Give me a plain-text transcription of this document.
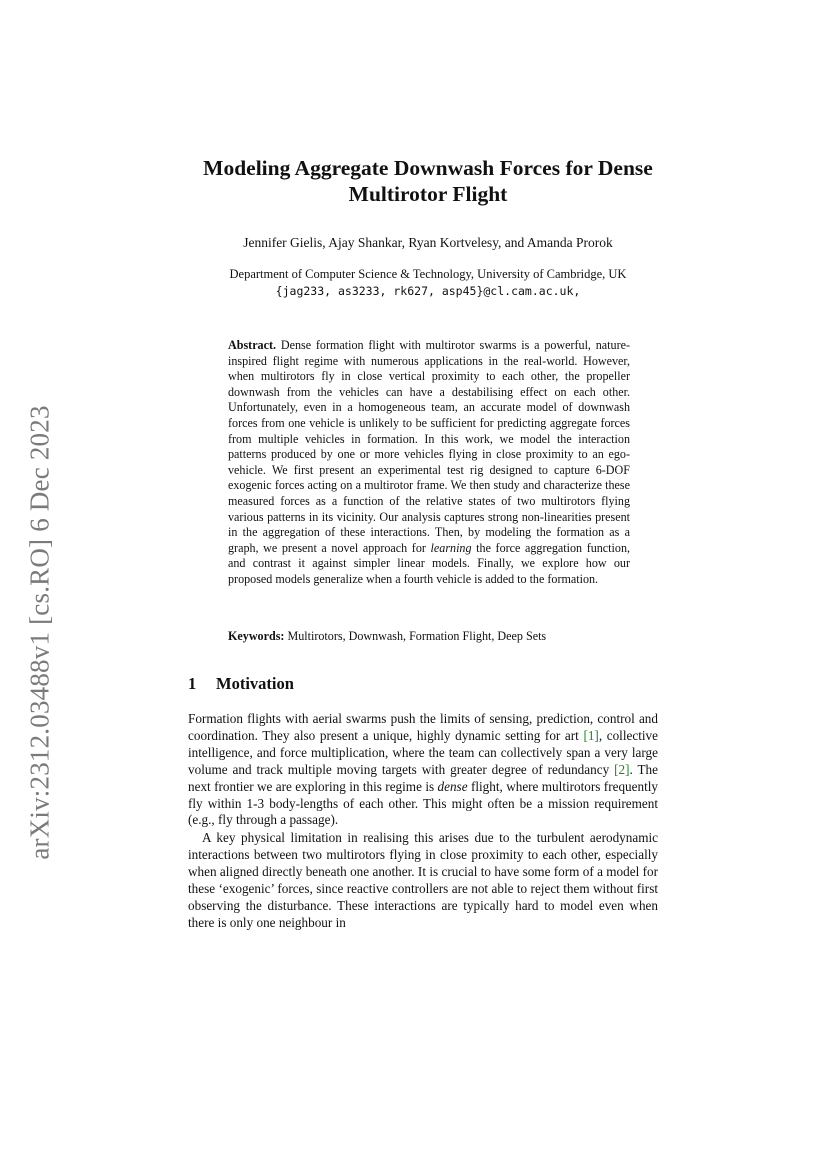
arXiv:2312.03488v1 [cs.RO] 6 Dec 2023
Modeling Aggregate Downwash Forces for Dense Multirotor Flight
Jennifer Gielis, Ajay Shankar, Ryan Kortvelesy, and Amanda Prorok
Department of Computer Science & Technology, University of Cambridge, UK
{jag233, as3233, rk627, asp45}@cl.cam.ac.uk,
Abstract. Dense formation flight with multirotor swarms is a powerful, nature-inspired flight regime with numerous applications in the real-world. However, when multirotors fly in close vertical proximity to each other, the propeller downwash from the vehicles can have a destabilising effect on each other. Unfortunately, even in a homogeneous team, an accurate model of downwash forces from one vehicle is unlikely to be sufficient for predicting aggregate forces from multiple vehicles in formation. In this work, we model the interaction patterns produced by one or more vehicles flying in close proximity to an ego-vehicle. We first present an experimental test rig designed to capture 6-DOF exogenic forces acting on a multirotor frame. We then study and characterize these measured forces as a function of the relative states of two multirotors flying various patterns in its vicinity. Our analysis captures strong non-linearities present in the aggregation of these interactions. Then, by modeling the formation as a graph, we present a novel approach for learning the force aggregation function, and contrast it against simpler linear models. Finally, we explore how our proposed models generalize when a fourth vehicle is added to the formation.
Keywords: Multirotors, Downwash, Formation Flight, Deep Sets
1 Motivation
Formation flights with aerial swarms push the limits of sensing, prediction, control and coordination. They also present a unique, highly dynamic setting for art [1], collective intelligence, and force multiplication, where the team can collectively span a very large volume and track multiple moving targets with greater degree of redundancy [2]. The next frontier we are exploring in this regime is dense flight, where multirotors frequently fly within 1-3 body-lengths of each other. This might often be a mission requirement (e.g., fly through a passage).
A key physical limitation in realising this arises due to the turbulent aerodynamic interactions between two multirotors flying in close proximity to each other, especially when aligned directly beneath one another. It is crucial to have some form of a model for these ‘exogenic’ forces, since reactive controllers are not able to reject them without first observing the disturbance. These interactions are typically hard to model even when there is only one neighbour in
